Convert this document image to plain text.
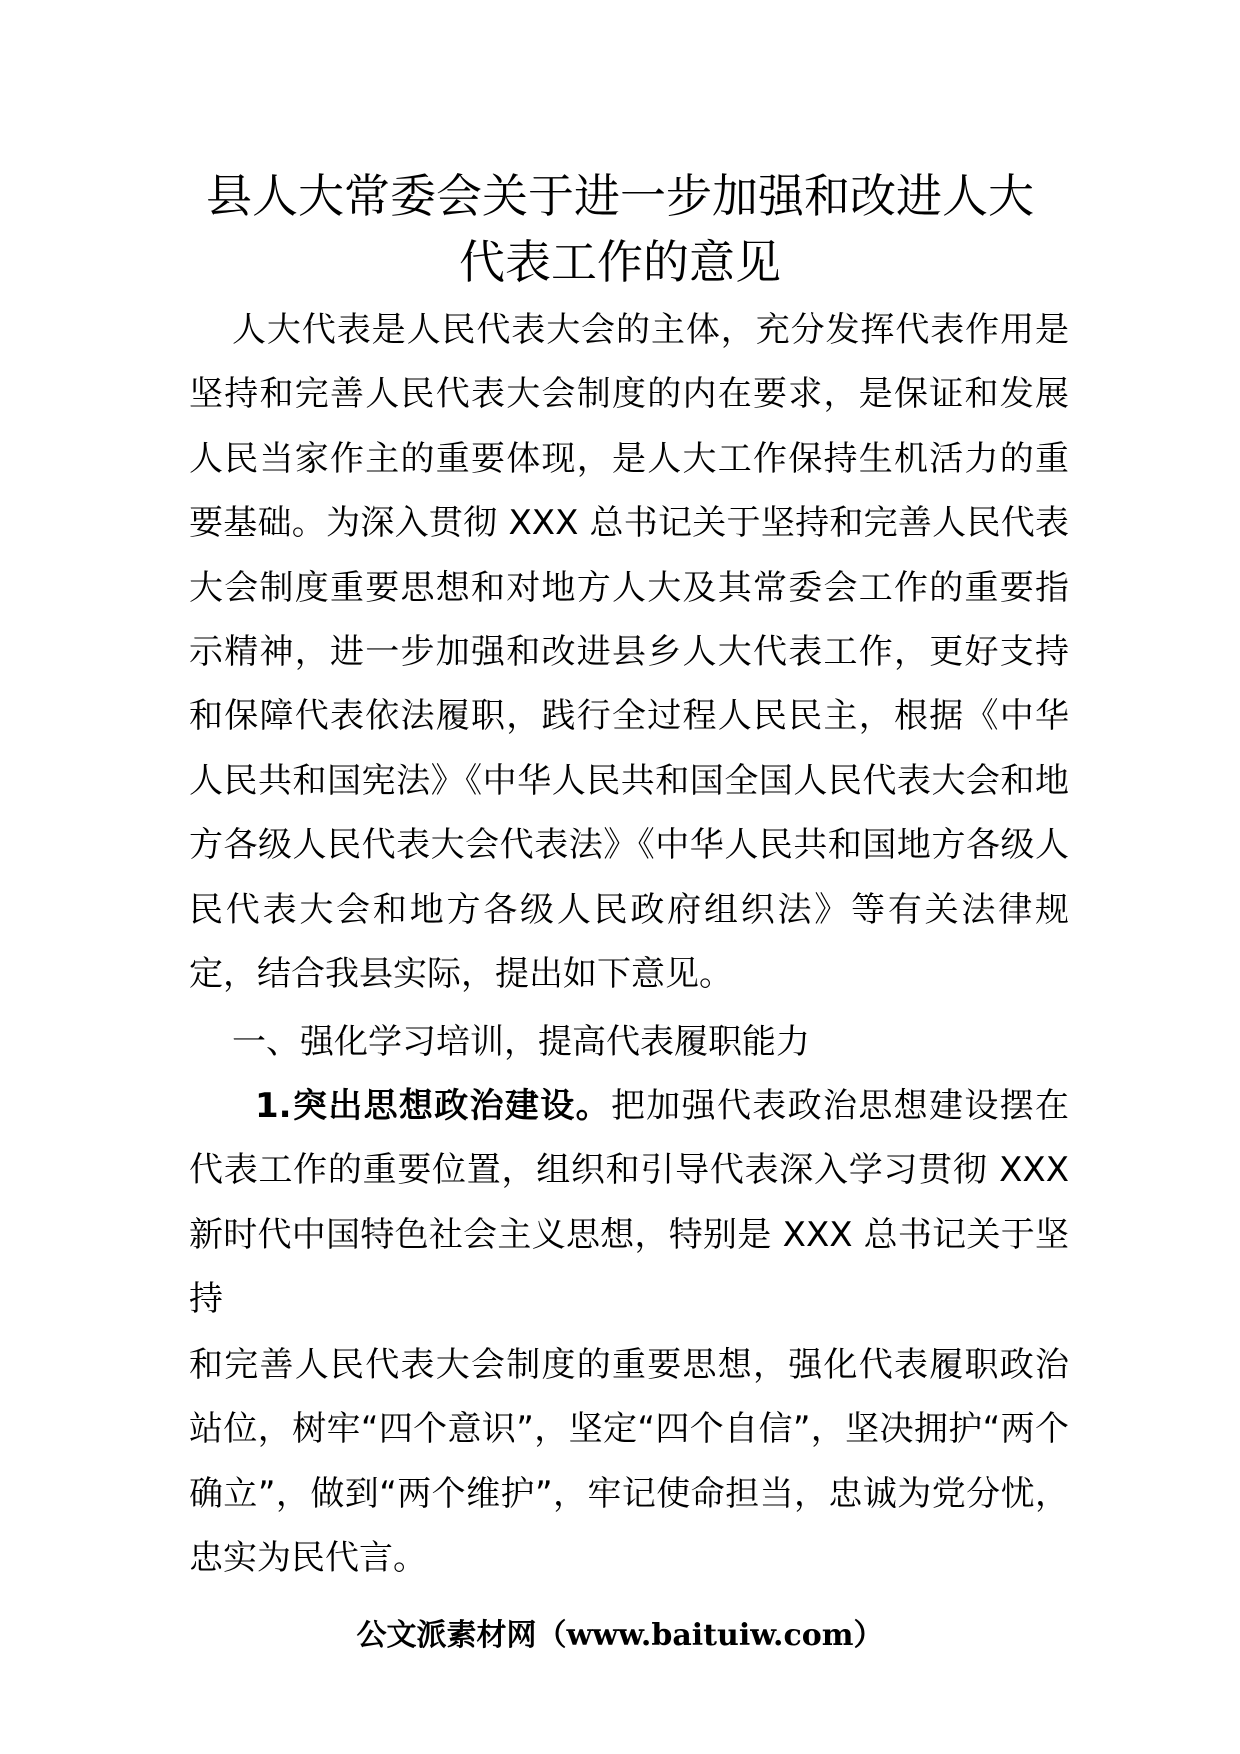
县人大常委会关于进一步加强和改进人大
代表工作的意见

人大代表是人民代表大会的主体，充分发挥代表作用是坚持和完善人民代表大会制度的内在要求，是保证和发展人民当家作主的重要体现，是人大工作保持生机活力的重要基础。为深入贯彻 XXX 总书记关于坚持和完善人民代表大会制度重要思想和对地方人大及其常委会工作的重要指示精神，进一步加强和改进县乡人大代表工作，更好支持和保障代表依法履职，践行全过程人民民主，根据《中华人民共和国宪法》《中华人民共和国全国人民代表大会和地方各级人民代表大会代表法》《中华人民共和国地方各级人民代表大会和地方各级人民政府组织法》等有关法律规定，结合我县实际，提出如下意见。

一、强化学习培训，提高代表履职能力

1.突出思想政治建设。把加强代表政治思想建设摆在代表工作的重要位置，组织和引导代表深入学习贯彻 XXX 新时代中国特色社会主义思想，特别是 XXX 总书记关于坚持

和完善人民代表大会制度的重要思想，强化代表履职政治站位，树牢“四个意识”，坚定“四个自信”，坚决拥护“两个确立”，做到“两个维护”，牢记使命担当，忠诚为党分忧，忠实为民代言。

公文派素材网（www.baituiw.com）
